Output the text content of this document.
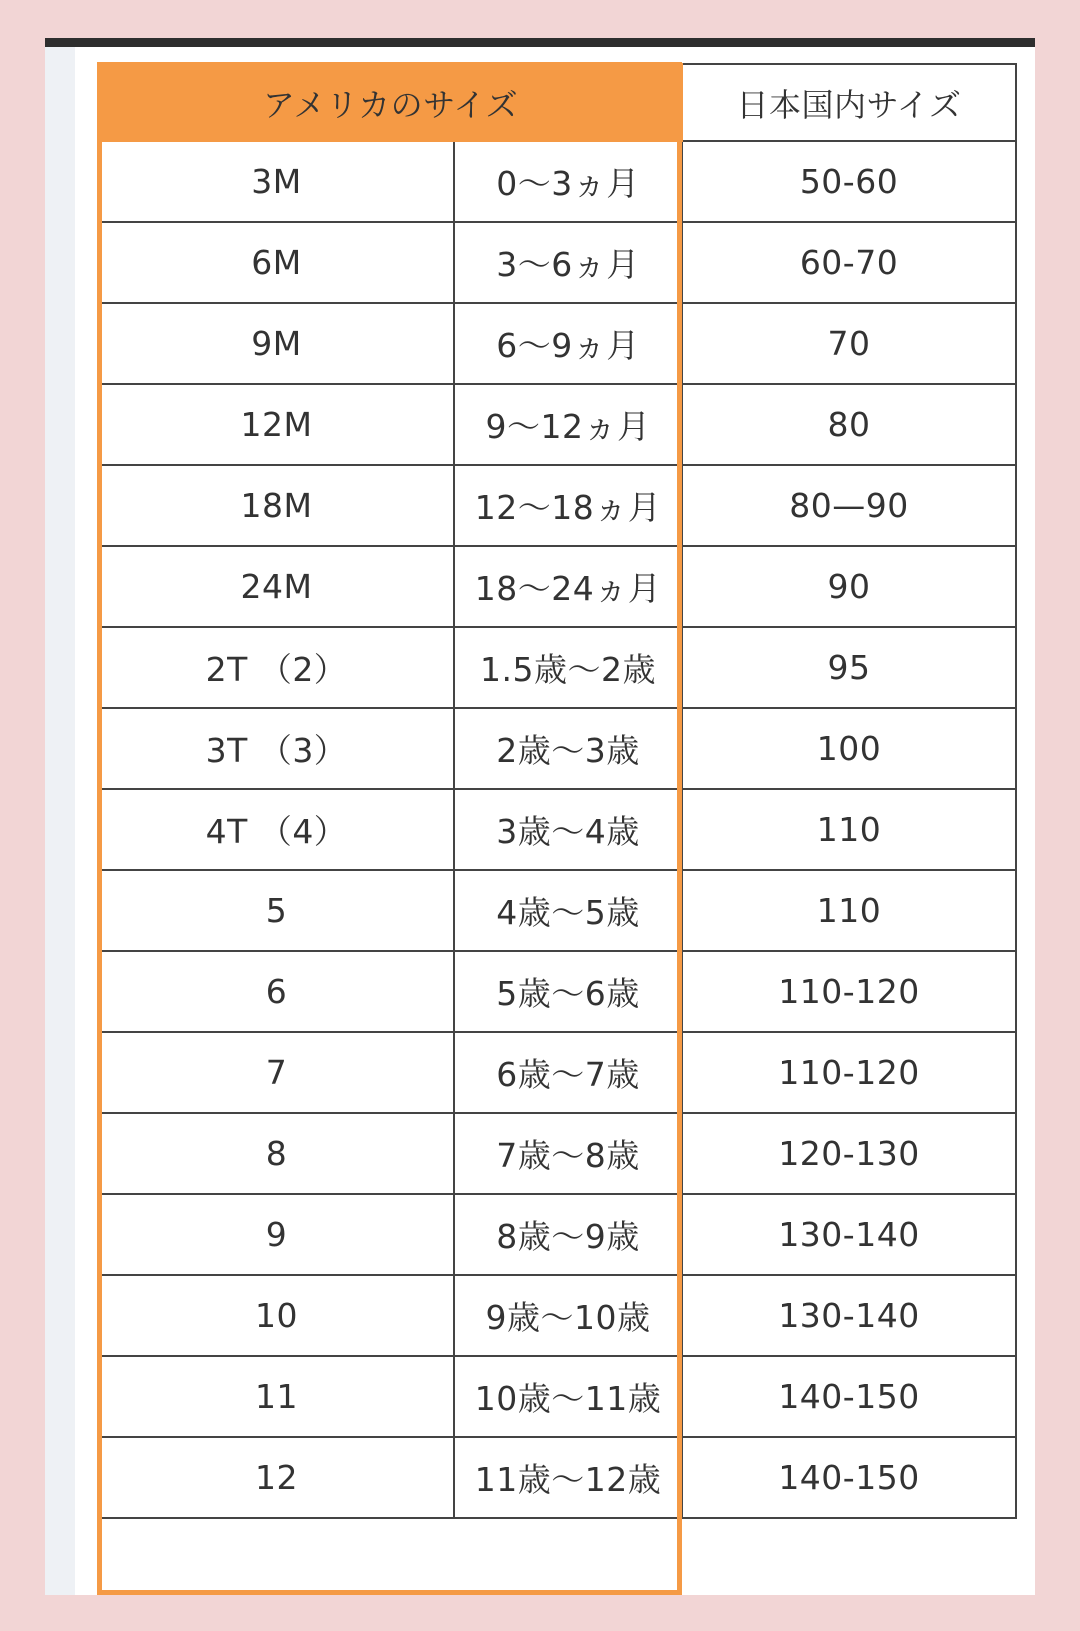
アメリカのサイズ		日本国内サイズ
3M	0〜3ヵ月	50-60
6M	3〜6ヵ月	60-70
9M	6〜9ヵ月	70
12M	9〜12ヵ月	80
18M	12〜18ヵ月	80—90
24M	18〜24ヵ月	90
2T （2）	1.5歳〜2歳	95
3T （3）	2歳〜3歳	100
4T （4）	3歳〜4歳	110
5	4歳〜5歳	110
6	5歳〜6歳	110-120
7	6歳〜7歳	110-120
8	7歳〜8歳	120-130
9	8歳〜9歳	130-140
10	9歳〜10歳	130-140
11	10歳〜11歳	140-150
12	11歳〜12歳	140-150
